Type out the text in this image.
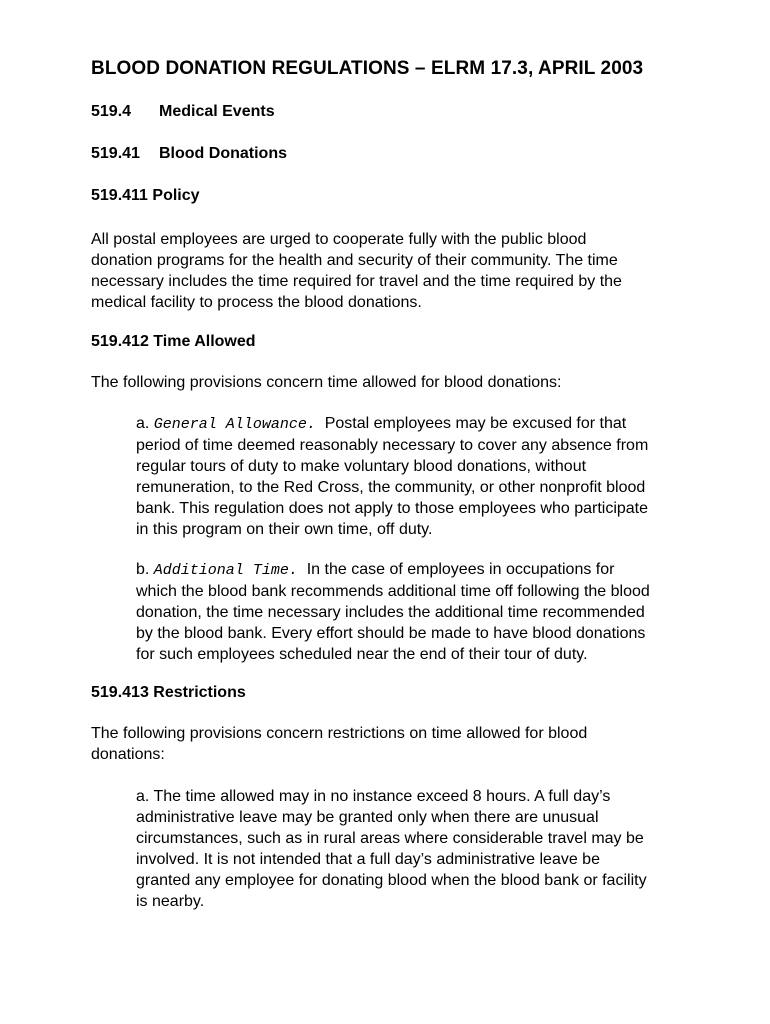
BLOOD DONATION REGULATIONS – ELRM 17.3, APRIL 2003
519.4 Medical Events
519.41 Blood Donations
519.411 Policy
All postal employees are urged to cooperate fully with the public blood
donation programs for the health and security of their community. The time
necessary includes the time required for travel and the time required by the
medical facility to process the blood donations.
519.412 Time Allowed
The following provisions concern time allowed for blood donations:
a. General Allowance. Postal employees may be excused for that
period of time deemed reasonably necessary to cover any absence from
regular tours of duty to make voluntary blood donations, without
remuneration, to the Red Cross, the community, or other nonprofit blood
bank. This regulation does not apply to those employees who participate
in this program on their own time, off duty.
b. Additional Time. In the case of employees in occupations for
which the blood bank recommends additional time off following the blood
donation, the time necessary includes the additional time recommended
by the blood bank. Every effort should be made to have blood donations
for such employees scheduled near the end of their tour of duty.
519.413 Restrictions
The following provisions concern restrictions on time allowed for blood
donations:
a. The time allowed may in no instance exceed 8 hours. A full day’s
administrative leave may be granted only when there are unusual
circumstances, such as in rural areas where considerable travel may be
involved. It is not intended that a full day’s administrative leave be
granted any employee for donating blood when the blood bank or facility
is nearby.
